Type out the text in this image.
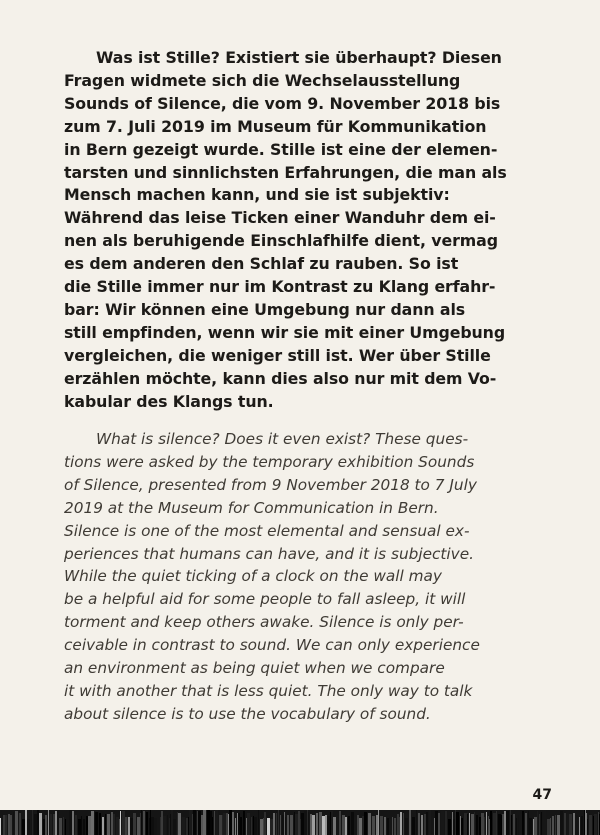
Was ist Stille? Existiert sie überhaupt? Diesen
Fragen widmete sich die Wechselausstellung
Sounds of Silence, die vom 9. November 2018 bis
zum 7. Juli 2019 im Museum für Kommunikation
in Bern gezeigt wurde. Stille ist eine der elemen-
tarsten und sinnlichsten Erfahrungen, die man als
Mensch machen kann, und sie ist subjektiv:
Während das leise Ticken einer Wanduhr dem ei-
nen als beruhigende Einschlafhilfe dient, vermag
es dem anderen den Schlaf zu rauben. So ist
die Stille immer nur im Kontrast zu Klang erfahr-
bar: Wir können eine Umgebung nur dann als
still empfinden, wenn wir sie mit einer Umgebung
vergleichen, die weniger still ist. Wer über Stille
erzählen möchte, kann dies also nur mit dem Vo-
kabular des Klangs tun.
What is silence? Does it even exist? These ques-
tions were asked by the temporary exhibition Sounds
of Silence, presented from 9 November 2018 to 7 July
2019 at the Museum for Communication in Bern.
Silence is one of the most elemental and sensual ex-
periences that humans can have, and it is subjective.
While the quiet ticking of a clock on the wall may
be a helpful aid for some people to fall asleep, it will
torment and keep others awake. Silence is only per-
ceivable in contrast to sound. We can only experience
an environment as being quiet when we compare
it with another that is less quiet. The only way to talk
about silence is to use the vocabulary of sound.
47
